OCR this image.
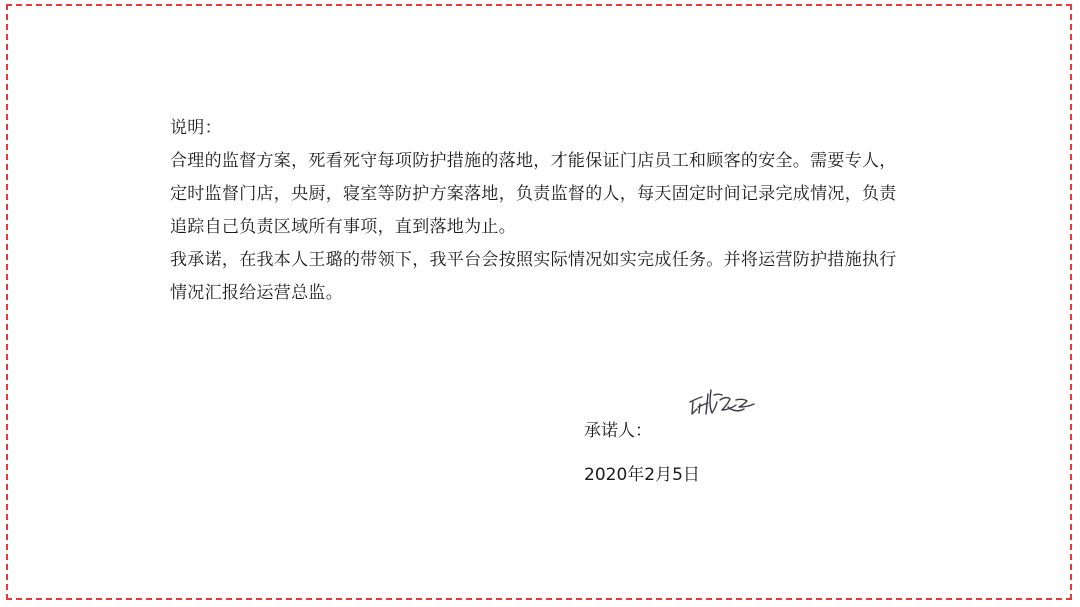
说明：

合理的监督方案，死看死守每项防护措施的落地，才能保证门店员工和顾客的安全。需要专人，定时监督门店，央厨，寝室等防护方案落地，负责监督的人，每天固定时间记录完成情况，负责追踪自己负责区域所有事项，直到落地为止。

我承诺，在我本人王璐的带领下，我平台会按照实际情况如实完成任务。并将运营防护措施执行情况汇报给运营总监。

承诺人：
2020年2月5日
